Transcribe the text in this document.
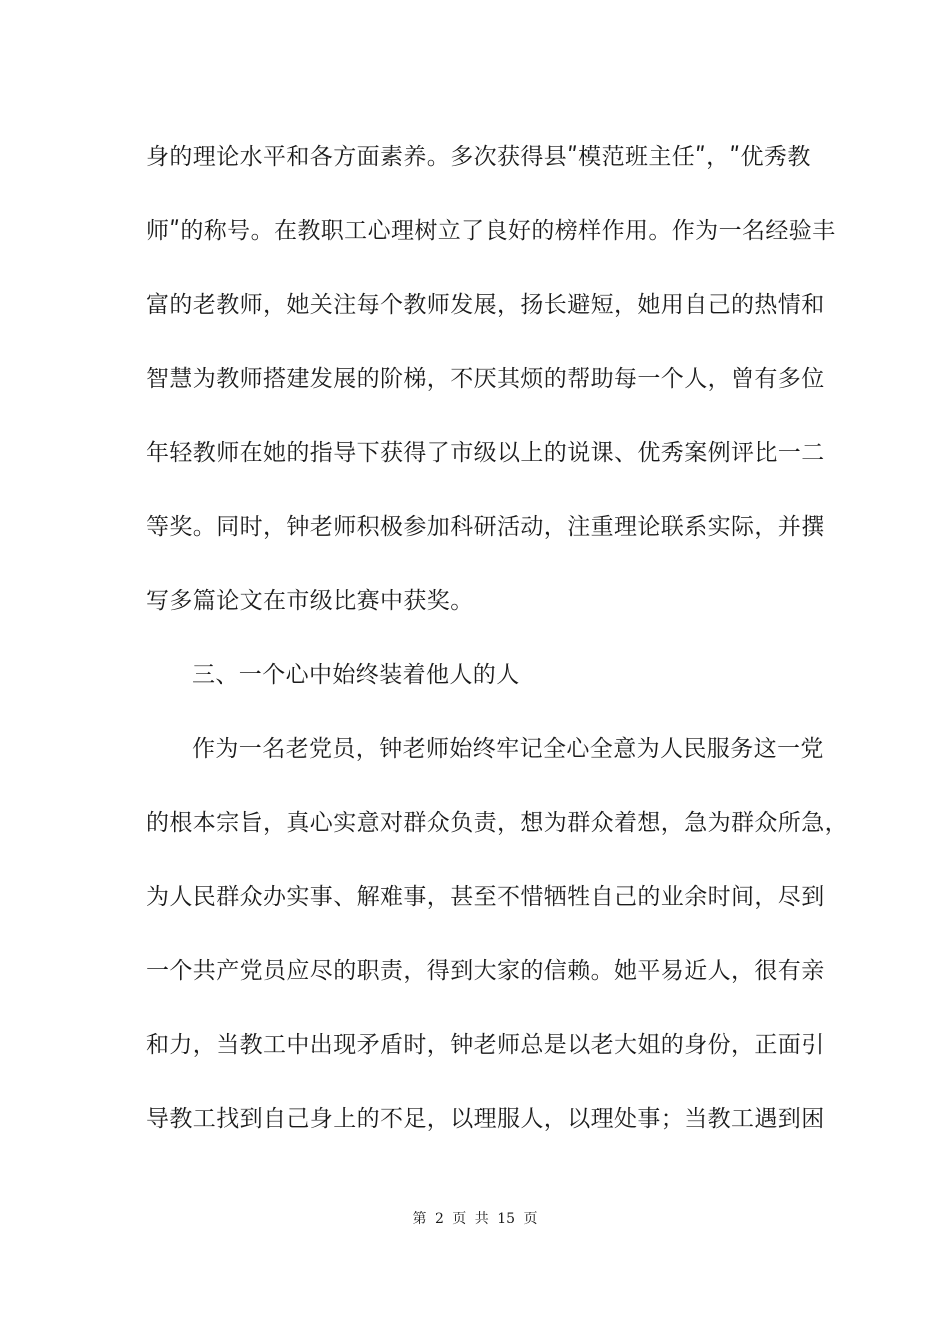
身的理论水平和各方面素养。多次获得县ʺ模范班主任ʺ，ʺ优秀教
师ʺ的称号。在教职工心理树立了良好的榜样作用。作为一名经验丰
富的老教师，她关注每个教师发展，扬长避短，她用自己的热情和
智慧为教师搭建发展的阶梯，不厌其烦的帮助每一个人，曾有多位
年轻教师在她的指导下获得了市级以上的说课、优秀案例评比一二
等奖。同时，钟老师积极参加科研活动，注重理论联系实际，并撰
写多篇论文在市级比赛中获奖。
三、一个心中始终装着他人的人
作为一名老党员，钟老师始终牢记全心全意为人民服务这一党
的根本宗旨，真心实意对群众负责，想为群众着想，急为群众所急，
为人民群众办实事、解难事，甚至不惜牺牲自己的业余时间，尽到
一个共产党员应尽的职责，得到大家的信赖。她平易近人，很有亲
和力，当教工中出现矛盾时，钟老师总是以老大姐的身份，正面引
导教工找到自己身上的不足，以理服人，以理处事；当教工遇到困
第 2 页 共 15 页
